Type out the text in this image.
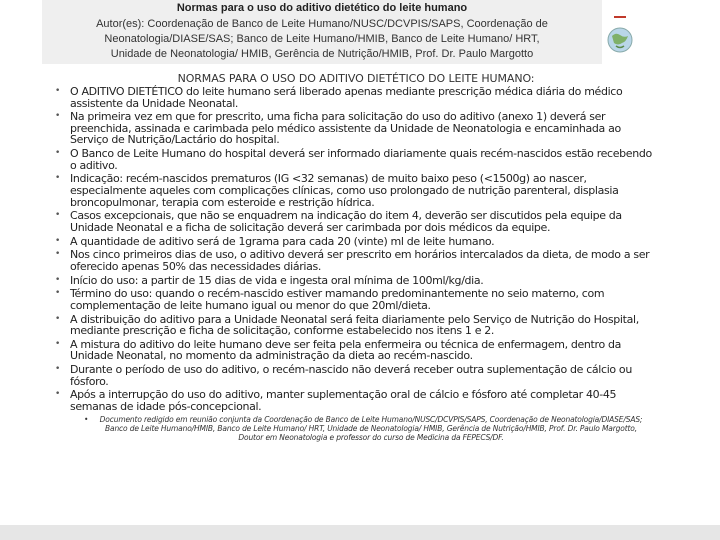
Normas para o uso do aditivo dietético do leite humano
Autor(es): Coordenação de Banco de Leite Humano/NUSC/DCVPIS/SAPS, Coordenação de
Neonatologia/DIASE/SAS; Banco de Leite Humano/HMIB, Banco de Leite Humano/ HRT,
Unidade de Neonatologia/ HMIB, Gerência de Nutrição/HMIB, Prof. Dr. Paulo Margotto
NORMAS PARA O USO DO ADITIVO DIETÉTICO DO LEITE HUMANO:
• O ADITIVO DIETÉTICO do leite humano será liberado apenas mediante prescrição médica diária do médico assistente da Unidade Neonatal.
• Na primeira vez em que for prescrito, uma ficha para solicitação do uso do aditivo (anexo 1) deverá ser preenchida, assinada e carimbada pelo médico assistente da Unidade de Neonatologia e encaminhada ao Serviço de Nutrição/Lactário do hospital.
• O Banco de Leite Humano do hospital deverá ser informado diariamente quais recém-nascidos estão recebendo o aditivo.
• Indicação: recém-nascidos prematuros (IG <32 semanas) de muito baixo peso (<1500g) ao nascer, especialmente aqueles com complicações clínicas, como uso prolongado de nutrição parenteral, displasia broncopulmonar, terapia com esteroide e restrição hídrica.
• Casos excepcionais, que não se enquadrem na indicação do item 4, deverão ser discutidos pela equipe da Unidade Neonatal e a ficha de solicitação deverá ser carimbada por dois médicos da equipe.
• A quantidade de aditivo será de 1grama para cada 20 (vinte) ml de leite humano.
• Nos cinco primeiros dias de uso, o aditivo deverá ser prescrito em horários intercalados da dieta, de modo a ser oferecido apenas 50% das necessidades diárias.
• Início do uso: a partir de 15 dias de vida e ingesta oral mínima de 100ml/kg/dia.
• Término do uso: quando o recém-nascido estiver mamando predominantemente no seio materno, com complementação de leite humano igual ou menor do que 20ml/dieta.
• A distribuição do aditivo para a Unidade Neonatal será feita diariamente pelo Serviço de Nutrição do Hospital, mediante prescrição e ficha de solicitação, conforme estabelecido nos itens 1 e 2.
• A mistura do aditivo do leite humano deve ser feita pela enfermeira ou técnica de enfermagem, dentro da Unidade Neonatal, no momento da administração da dieta ao recém-nascido.
• Durante o período de uso do aditivo, o recém-nascido não deverá receber outra suplementação de cálcio ou fósforo.
• Após a interrupção do uso do aditivo, manter suplementação oral de cálcio e fósforo até completar 40-45 semanas de idade pós-concepcional.
• Documento redigido em reunião conjunta da Coordenação de Banco de Leite Humano/NUSC/DCVPIS/SAPS, Coordenação de Neonatologia/DIASE/SAS; Banco de Leite Humano/HMIB, Banco de Leite Humano/ HRT, Unidade de Neonatologia/ HMIB, Gerência de Nutrição/HMIB, Prof. Dr. Paulo Margotto, Doutor em Neonatologia e professor do curso de Medicina da FEPECS/DF.
